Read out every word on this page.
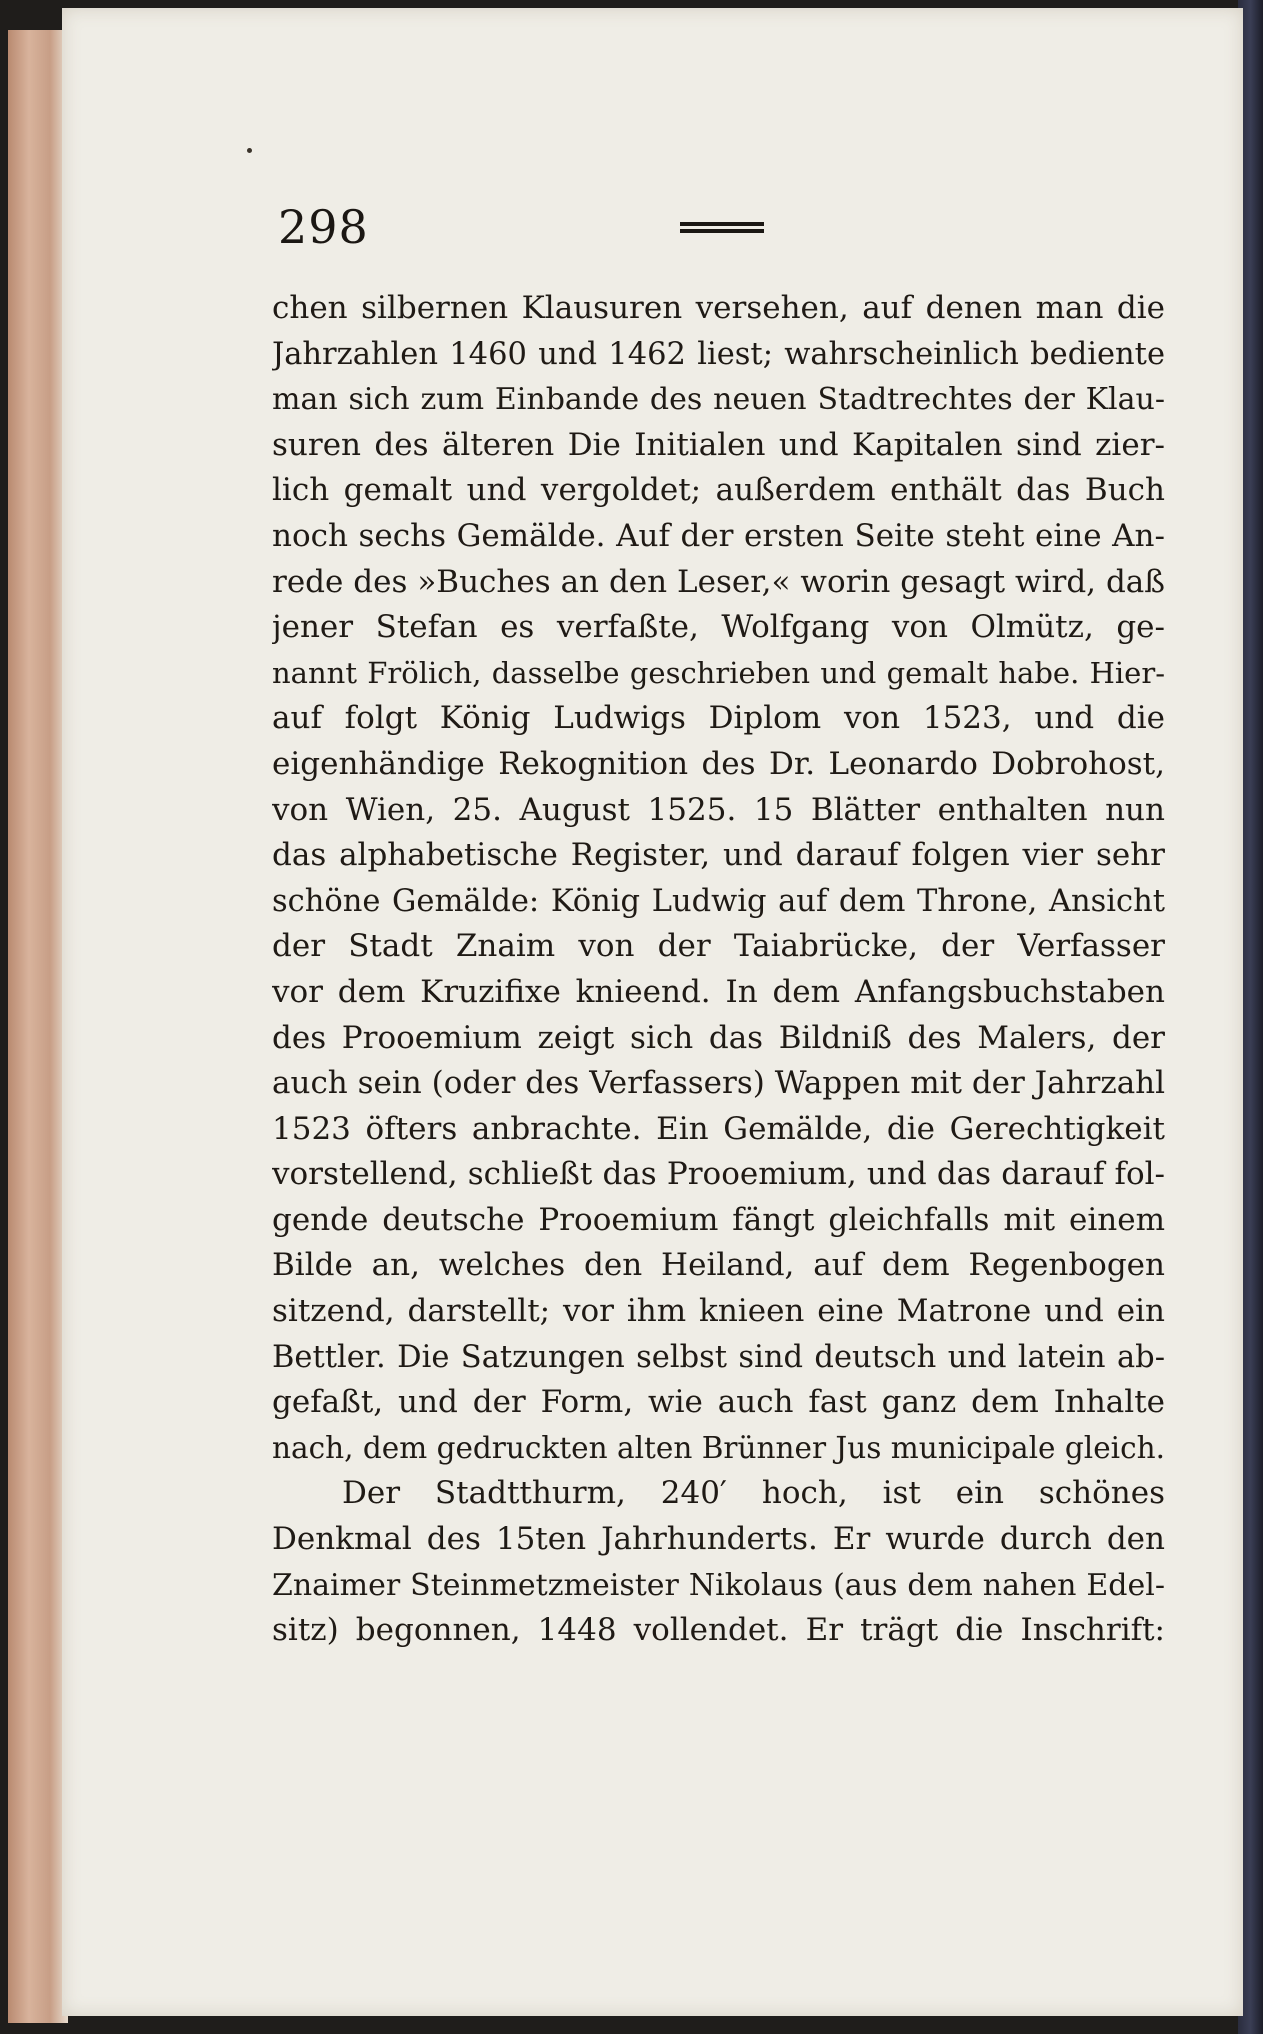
298

chen silbernen Klausuren versehen, auf denen man die
Jahrzahlen 1460 und 1462 liest; wahrscheinlich bediente
man sich zum Einbande des neuen Stadtrechtes der Klau-
suren des älteren Die Initialen und Kapitalen sind zier-
lich gemalt und vergoldet; außerdem enthält das Buch
noch sechs Gemälde. Auf der ersten Seite steht eine An-
rede des »Buches an den Leser,« worin gesagt wird, daß
jener Stefan es verfaßte, Wolfgang von Olmütz, ge-
nannt Frölich, dasselbe geschrieben und gemalt habe. Hier-
auf folgt König Ludwigs Diplom von 1523, und die
eigenhändige Rekognition des Dr. Leonardo Dobrohost,
von Wien, 25. August 1525. 15 Blätter enthalten nun
das alphabetische Register, und darauf folgen vier sehr
schöne Gemälde: König Ludwig auf dem Throne, Ansicht
der Stadt Znaim von der Taiabrücke, der Verfasser
vor dem Kruzifixe knieend. In dem Anfangsbuchstaben
des Prooemium zeigt sich das Bildniß des Malers, der
auch sein (oder des Verfassers) Wappen mit der Jahrzahl
1523 öfters anbrachte. Ein Gemälde, die Gerechtigkeit
vorstellend, schließt das Prooemium, und das darauf fol-
gende deutsche Prooemium fängt gleichfalls mit einem
Bilde an, welches den Heiland, auf dem Regenbogen
sitzend, darstellt; vor ihm knieen eine Matrone und ein
Bettler. Die Satzungen selbst sind deutsch und latein ab-
gefaßt, und der Form, wie auch fast ganz dem Inhalte
nach, dem gedruckten alten Brünner Jus municipale gleich.
Der Stadtthurm, 240′ hoch, ist ein schönes
Denkmal des 15ten Jahrhunderts. Er wurde durch den
Znaimer Steinmetzmeister Nikolaus (aus dem nahen Edel-
sitz) begonnen, 1448 vollendet. Er trägt die Inschrift:
